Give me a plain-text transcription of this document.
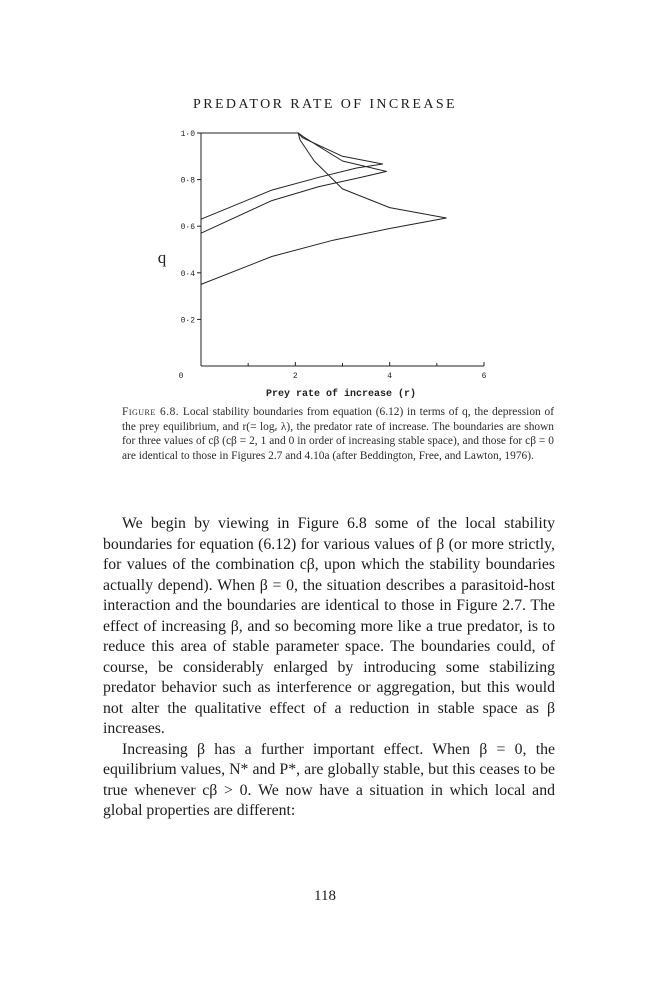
PREDATOR RATE OF INCREASE
1·0
0·8
0·6
0·4
0·2
0	2	4	6
q
Prey rate of increase (r)
Figure 6.8. Local stability boundaries from equation (6.12) in terms of q, the depression of the prey equilibrium, and r(= logₑ λ), the predator rate of increase. The boundaries are shown for three values of cβ (cβ = 2, 1 and 0 in order of increasing stable space), and those for cβ = 0 are identical to those in Figures 2.7 and 4.10a (after Beddington, Free, and Lawton, 1976).

We begin by viewing in Figure 6.8 some of the local stability boundaries for equation (6.12) for various values of β (or more strictly, for values of the combination cβ, upon which the stability boundaries actually depend). When β = 0, the situation describes a parasitoid-host interaction and the boundaries are identical to those in Figure 2.7. The effect of increasing β, and so becoming more like a true predator, is to reduce this area of stable parameter space. The boundaries could, of course, be considerably enlarged by introducing some stabilizing predator behavior such as interference or aggregation, but this would not alter the qualitative effect of a reduction in stable space as β increases.

Increasing β has a further important effect. When β = 0, the equilibrium values, N* and P*, are globally stable, but this ceases to be true whenever cβ > 0. We now have a situation in which local and global properties are different:

118
